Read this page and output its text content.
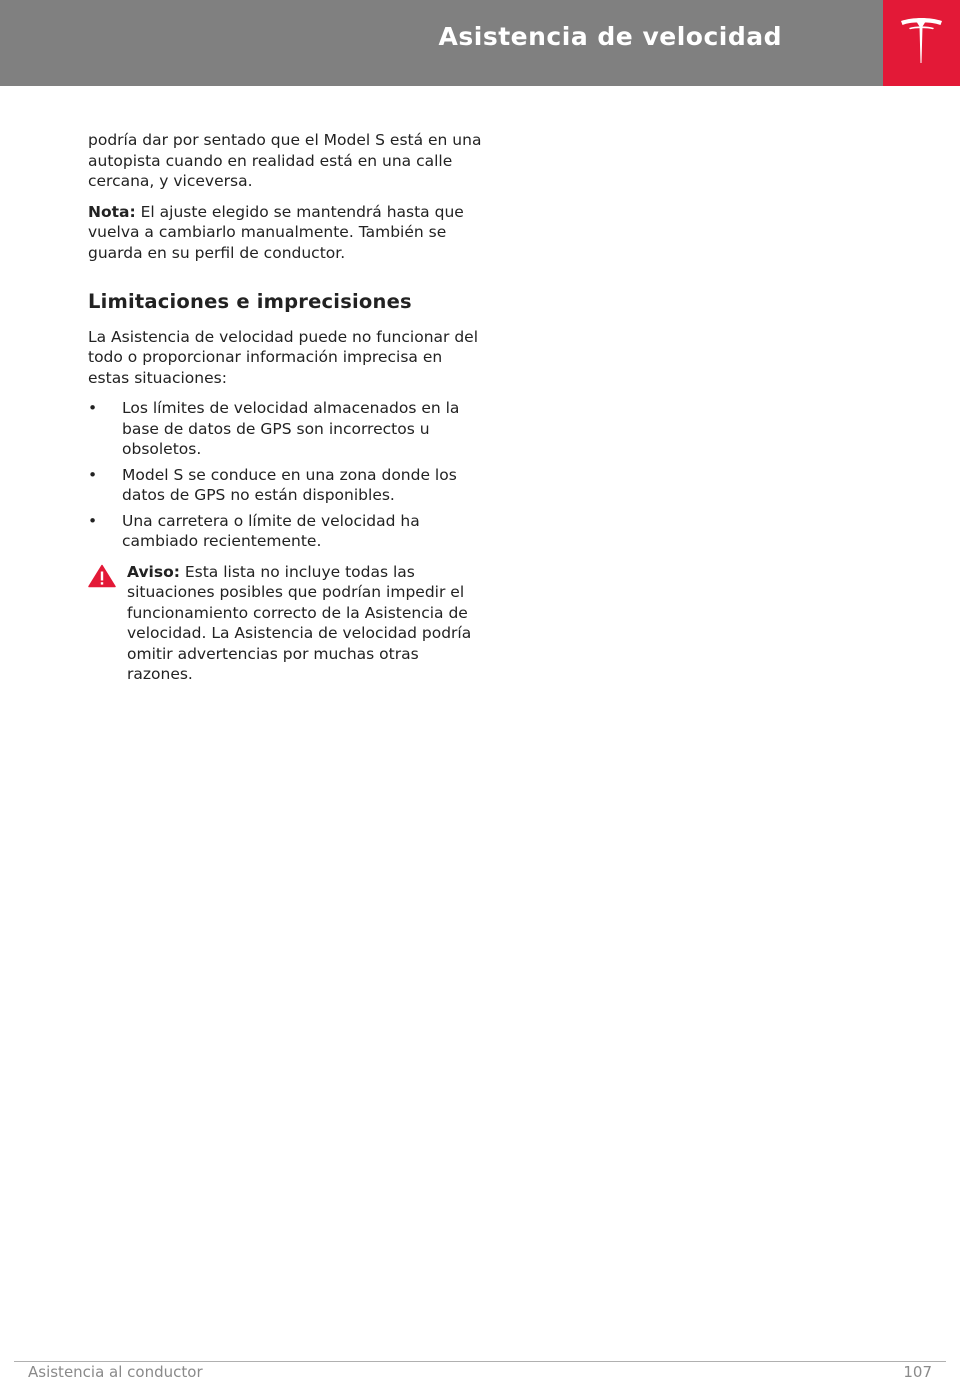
Asistencia de velocidad

podría dar por sentado que el Model S está en una autopista cuando en realidad está en una calle cercana, y viceversa.

Nota: El ajuste elegido se mantendrá hasta que vuelva a cambiarlo manualmente. También se guarda en su perfil de conductor.

Limitaciones e imprecisiones

La Asistencia de velocidad puede no funcionar del todo o proporcionar información imprecisa en estas situaciones:

• Los límites de velocidad almacenados en la base de datos de GPS son incorrectos u obsoletos.
• Model S se conduce en una zona donde los datos de GPS no están disponibles.
• Una carretera o límite de velocidad ha cambiado recientemente.
Aviso: Esta lista no incluye todas las situaciones posibles que podrían impedir el funcionamiento correcto de la Asistencia de velocidad. La Asistencia de velocidad podría omitir advertencias por muchas otras razones.
Asistencia al conductor	107
